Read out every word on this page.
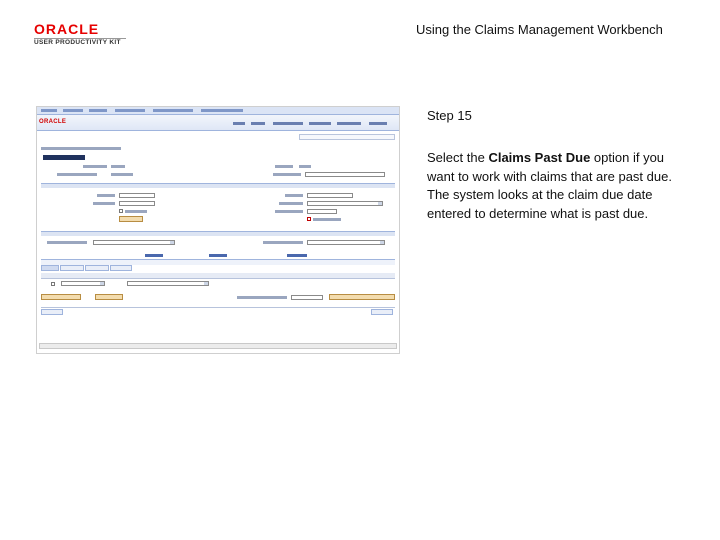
ORACLE
USER PRODUCTIVITY KIT
Using the Claims Management Workbench
ORACLE	Step 15
Select the Claims Past Due option if you want to work with claims that are past due. The system looks at the claim due date entered to determine what is past due.
